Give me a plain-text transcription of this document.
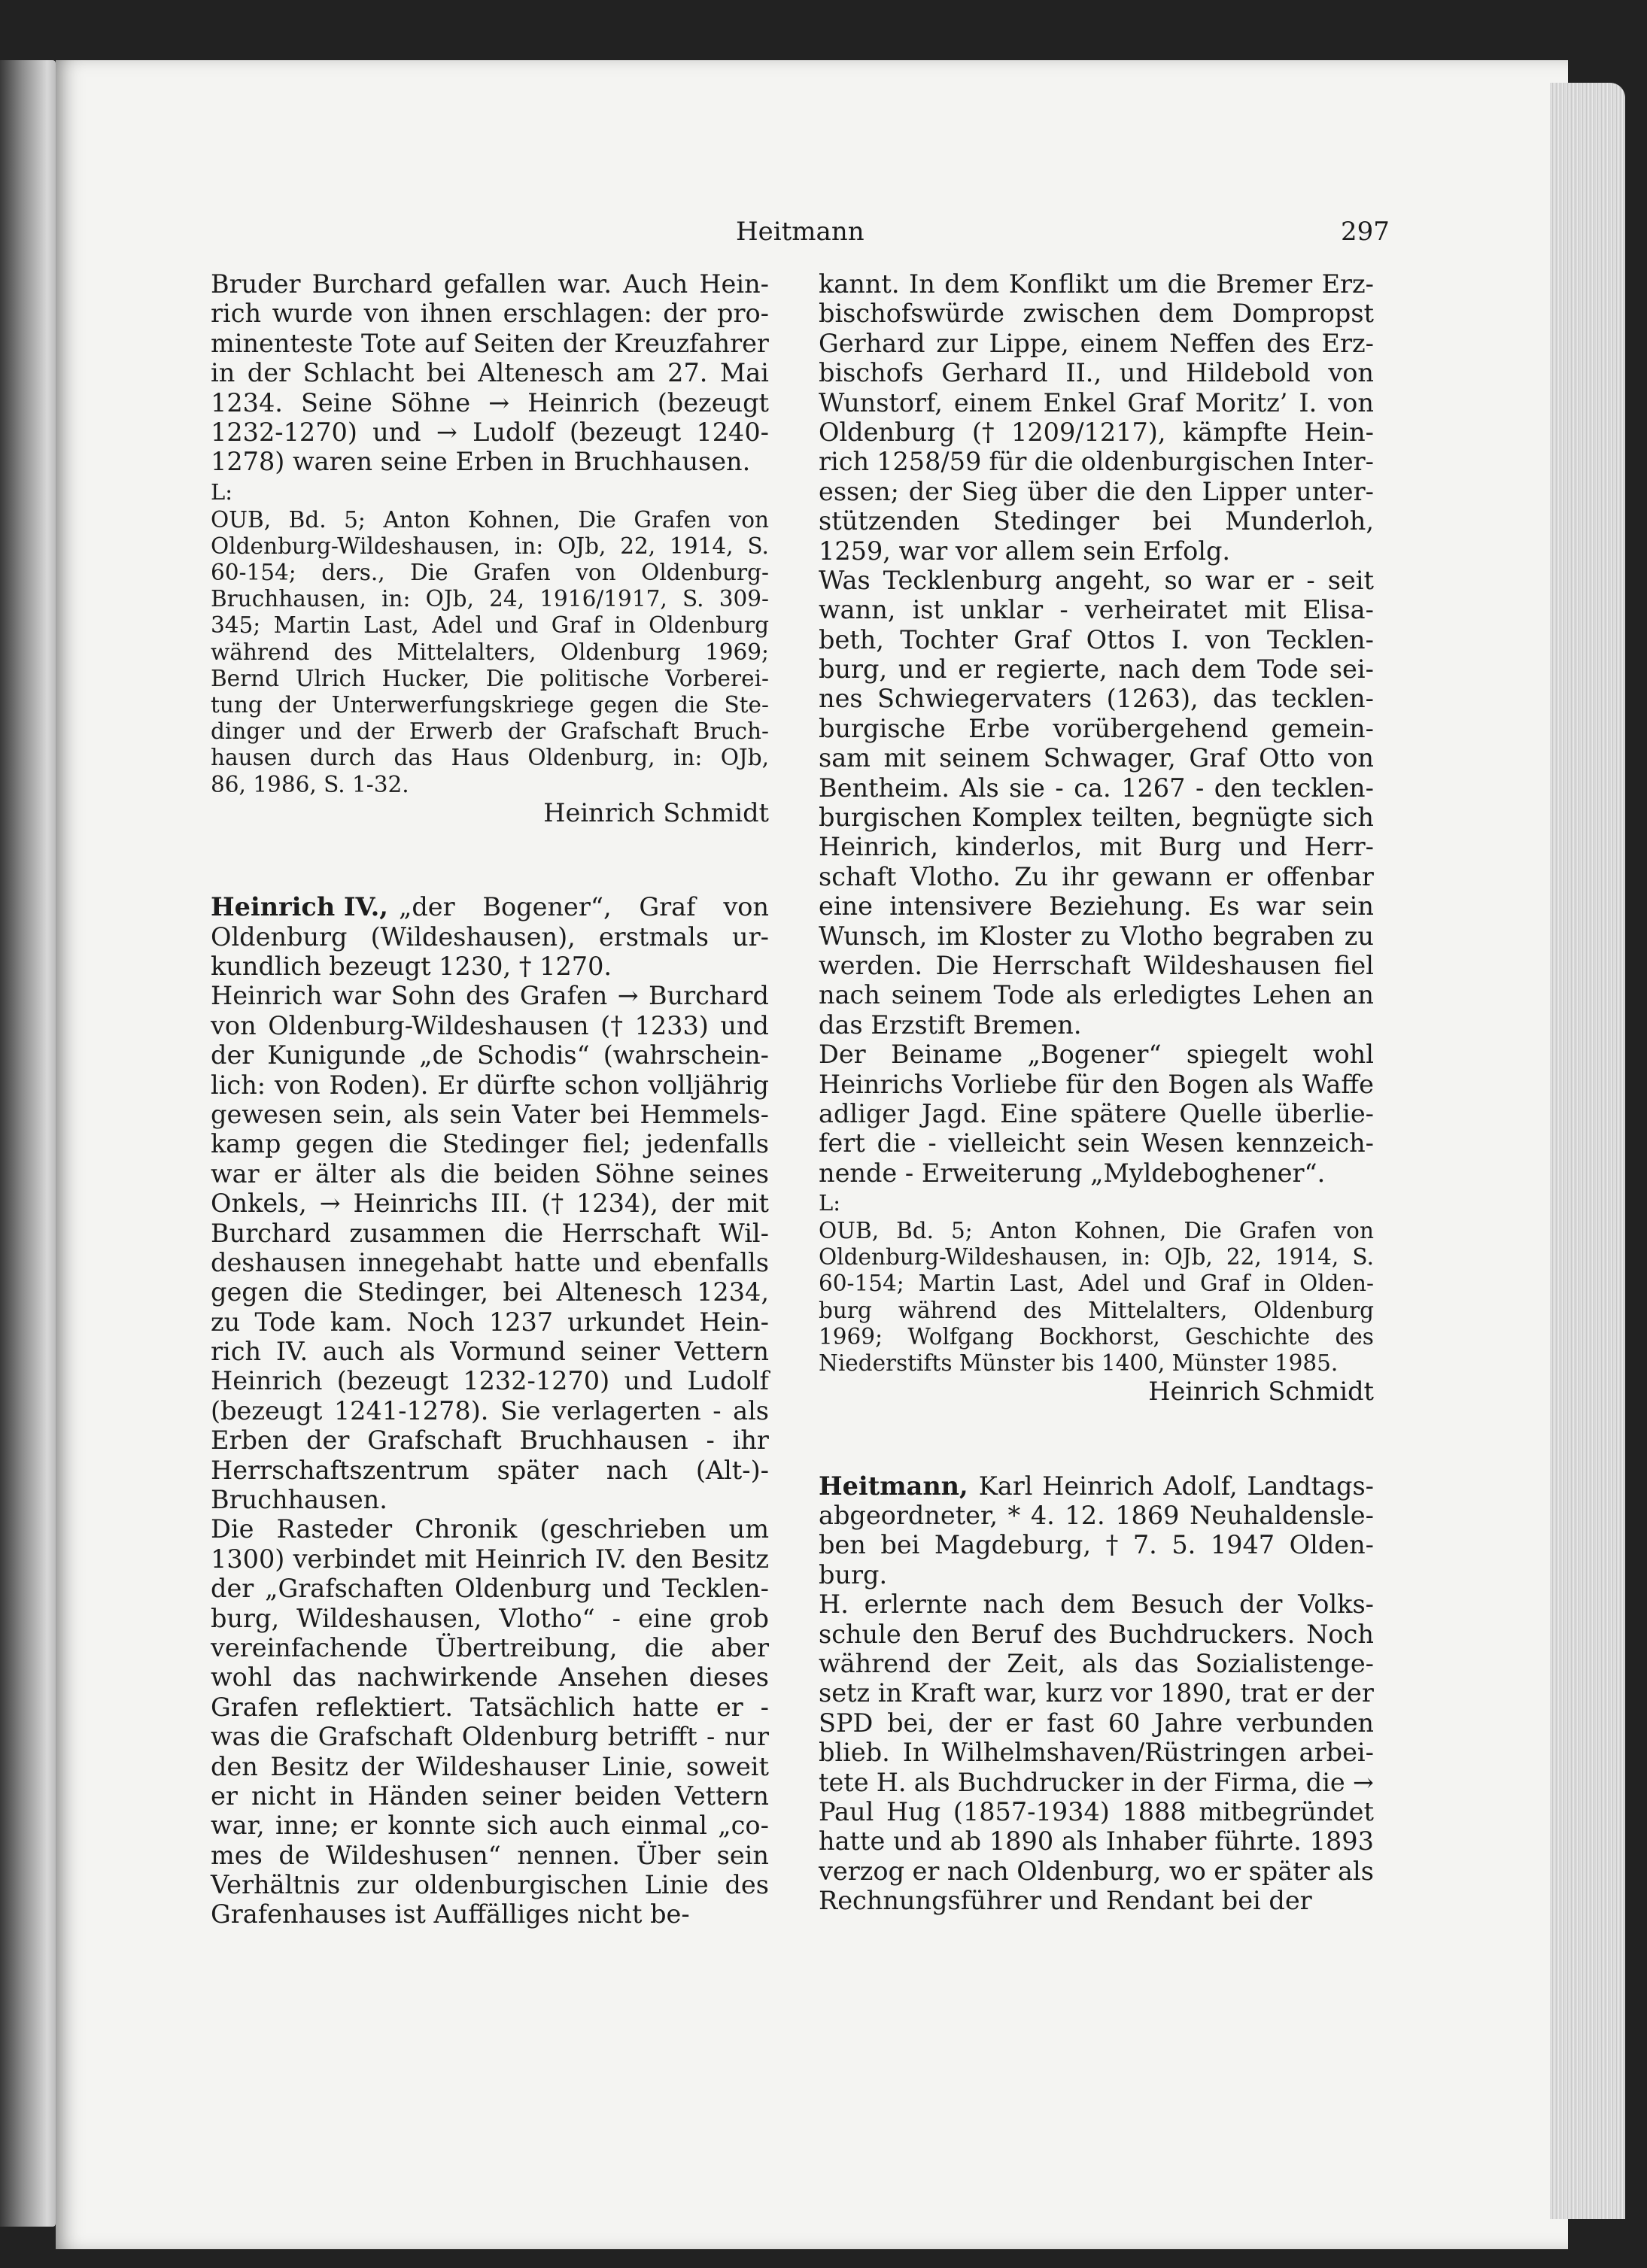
Heitmann	297
Bruder Burchard gefallen war. Auch Hein-
rich wurde von ihnen erschlagen: der pro-
minenteste Tote auf Seiten der Kreuzfahrer
in der Schlacht bei Altenesch am 27. Mai
1234. Seine Söhne → Heinrich (bezeugt
1232-1270) und → Ludolf (bezeugt 1240-
1278) waren seine Erben in Bruchhausen.
L:
OUB, Bd. 5; Anton Kohnen, Die Grafen von
Oldenburg-Wildeshausen, in: OJb, 22, 1914, S.
60-154; ders., Die Grafen von Oldenburg-
Bruchhausen, in: OJb, 24, 1916/1917, S. 309-
345; Martin Last, Adel und Graf in Oldenburg
während des Mittelalters, Oldenburg 1969;
Bernd Ulrich Hucker, Die politische Vorberei-
tung der Unterwerfungskriege gegen die Ste-
dinger und der Erwerb der Grafschaft Bruch-
hausen durch das Haus Oldenburg, in: OJb,
86, 1986, S. 1-32.
Heinrich Schmidt
Heinrich IV., „der Bogener“, Graf von
Oldenburg (Wildeshausen), erstmals ur-
kundlich bezeugt 1230, † 1270.
Heinrich war Sohn des Grafen → Burchard
von Oldenburg-Wildeshausen († 1233) und
der Kunigunde „de Schodis“ (wahrschein-
lich: von Roden). Er dürfte schon volljährig
gewesen sein, als sein Vater bei Hemmels-
kamp gegen die Stedinger fiel; jedenfalls
war er älter als die beiden Söhne seines
Onkels, → Heinrichs III. († 1234), der mit
Burchard zusammen die Herrschaft Wil-
deshausen innegehabt hatte und ebenfalls
gegen die Stedinger, bei Altenesch 1234,
zu Tode kam. Noch 1237 urkundet Hein-
rich IV. auch als Vormund seiner Vettern
Heinrich (bezeugt 1232-1270) und Ludolf
(bezeugt 1241-1278). Sie verlagerten - als
Erben der Grafschaft Bruchhausen - ihr
Herrschaftszentrum später nach (Alt-)-
Bruchhausen.
Die Rasteder Chronik (geschrieben um
1300) verbindet mit Heinrich IV. den Besitz
der „Grafschaften Oldenburg und Tecklen-
burg, Wildeshausen, Vlotho“ - eine grob
vereinfachende Übertreibung, die aber
wohl das nachwirkende Ansehen dieses
Grafen reflektiert. Tatsächlich hatte er -
was die Grafschaft Oldenburg betrifft - nur
den Besitz der Wildeshauser Linie, soweit
er nicht in Händen seiner beiden Vettern
war, inne; er konnte sich auch einmal „co-
mes de Wildeshusen“ nennen. Über sein
Verhältnis zur oldenburgischen Linie des
Grafenhauses ist Auffälliges nicht be-
kannt. In dem Konflikt um die Bremer Erz-
bischofswürde zwischen dem Dompropst
Gerhard zur Lippe, einem Neffen des Erz-
bischofs Gerhard II., und Hildebold von
Wunstorf, einem Enkel Graf Moritz’ I. von
Oldenburg († 1209/1217), kämpfte Hein-
rich 1258/59 für die oldenburgischen Inter-
essen; der Sieg über die den Lipper unter-
stützenden Stedinger bei Munderloh,
1259, war vor allem sein Erfolg.
Was Tecklenburg angeht, so war er - seit
wann, ist unklar - verheiratet mit Elisa-
beth, Tochter Graf Ottos I. von Tecklen-
burg, und er regierte, nach dem Tode sei-
nes Schwiegervaters (1263), das tecklen-
burgische Erbe vorübergehend gemein-
sam mit seinem Schwager, Graf Otto von
Bentheim. Als sie - ca. 1267 - den tecklen-
burgischen Komplex teilten, begnügte sich
Heinrich, kinderlos, mit Burg und Herr-
schaft Vlotho. Zu ihr gewann er offenbar
eine intensivere Beziehung. Es war sein
Wunsch, im Kloster zu Vlotho begraben zu
werden. Die Herrschaft Wildeshausen fiel
nach seinem Tode als erledigtes Lehen an
das Erzstift Bremen.
Der Beiname „Bogener“ spiegelt wohl
Heinrichs Vorliebe für den Bogen als Waffe
adliger Jagd. Eine spätere Quelle überlie-
fert die - vielleicht sein Wesen kennzeich-
nende - Erweiterung „Myldeboghener“.
L:
OUB, Bd. 5; Anton Kohnen, Die Grafen von
Oldenburg-Wildeshausen, in: OJb, 22, 1914, S.
60-154; Martin Last, Adel und Graf in Olden-
burg während des Mittelalters, Oldenburg
1969; Wolfgang Bockhorst, Geschichte des
Niederstifts Münster bis 1400, Münster 1985.
Heinrich Schmidt
Heitmann, Karl Heinrich Adolf, Landtags-
abgeordneter, * 4. 12. 1869 Neuhaldensle-
ben bei Magdeburg, † 7. 5. 1947 Olden-
burg.
H. erlernte nach dem Besuch der Volks-
schule den Beruf des Buchdruckers. Noch
während der Zeit, als das Sozialistenge-
setz in Kraft war, kurz vor 1890, trat er der
SPD bei, der er fast 60 Jahre verbunden
blieb. In Wilhelmshaven/Rüstringen arbei-
tete H. als Buchdrucker in der Firma, die →
Paul Hug (1857-1934) 1888 mitbegründet
hatte und ab 1890 als Inhaber führte. 1893
verzog er nach Oldenburg, wo er später als
Rechnungsführer und Rendant bei der
